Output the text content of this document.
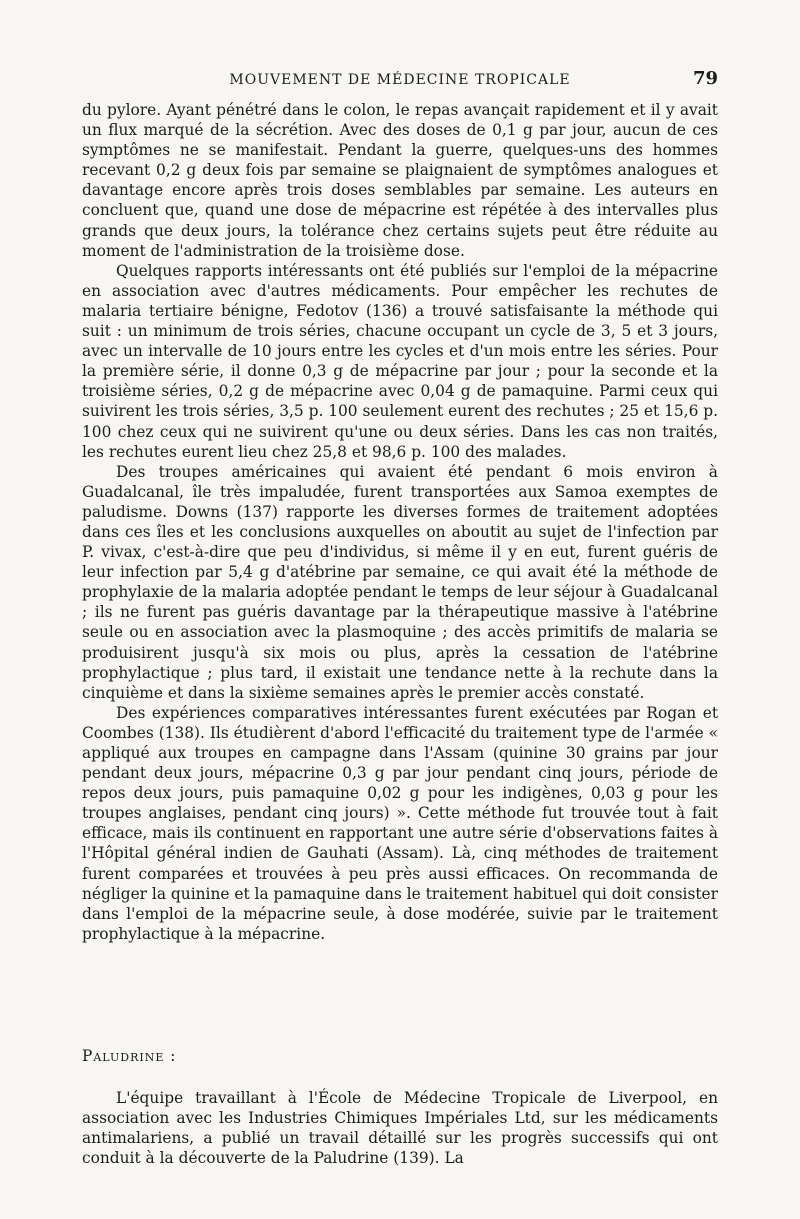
MOUVEMENT DE MÉDECINE TROPICALE	79

du pylore. Ayant pénétré dans le colon, le repas avançait rapidement et il y avait un flux marqué de la sécrétion. Avec des doses de 0,1 g par jour, aucun de ces symptômes ne se manifestait. Pendant la guerre, quelques-uns des hommes recevant 0,2 g deux fois par semaine se plaignaient de symptômes analogues et davantage encore après trois doses semblables par semaine. Les auteurs en concluent que, quand une dose de mépacrine est répétée à des intervalles plus grands que deux jours, la tolérance chez certains sujets peut être réduite au moment de l'administration de la troisième dose.

Quelques rapports intéressants ont été publiés sur l'emploi de la mépacrine en association avec d'autres médicaments. Pour empêcher les rechutes de malaria tertiaire bénigne, Fedotov (136) a trouvé satisfaisante la méthode qui suit : un minimum de trois séries, chacune occupant un cycle de 3, 5 et 3 jours, avec un intervalle de 10 jours entre les cycles et d'un mois entre les séries. Pour la première série, il donne 0,3 g de mépacrine par jour ; pour la seconde et la troisième séries, 0,2 g de mépacrine avec 0,04 g de pamaquine. Parmi ceux qui suivirent les trois séries, 3,5 p. 100 seulement eurent des rechutes ; 25 et 15,6 p. 100 chez ceux qui ne suivirent qu'une ou deux séries. Dans les cas non traités, les rechutes eurent lieu chez 25,8 et 98,6 p. 100 des malades.

Des troupes américaines qui avaient été pendant 6 mois environ à Guadalcanal, île très impaludée, furent transportées aux Samoa exemptes de paludisme. Downs (137) rapporte les diverses formes de traitement adoptées dans ces îles et les conclusions auxquelles on aboutit au sujet de l'infection par P. vivax, c'est-à-dire que peu d'individus, si même il y en eut, furent guéris de leur infection par 5,4 g d'atébrine par semaine, ce qui avait été la méthode de prophylaxie de la malaria adoptée pendant le temps de leur séjour à Guadalcanal ; ils ne furent pas guéris davantage par la thérapeutique massive à l'atébrine seule ou en association avec la plasmoquine ; des accès primitifs de malaria se produisirent jusqu'à six mois ou plus, après la cessation de l'atébrine prophylactique ; plus tard, il existait une tendance nette à la rechute dans la cinquième et dans la sixième semaines après le premier accès constaté.

Des expériences comparatives intéressantes furent exécutées par Rogan et Coombes (138). Ils étudièrent d'abord l'efficacité du traitement type de l'armée « appliqué aux troupes en campagne dans l'Assam (quinine 30 grains par jour pendant deux jours, mépacrine 0,3 g par jour pendant cinq jours, période de repos deux jours, puis pamaquine 0,02 g pour les indigènes, 0,03 g pour les troupes anglaises, pendant cinq jours) ». Cette méthode fut trouvée tout à fait efficace, mais ils continuent en rapportant une autre série d'observations faites à l'Hôpital général indien de Gauhati (Assam). Là, cinq méthodes de traitement furent comparées et trouvées à peu près aussi efficaces. On recommanda de négliger la quinine et la pamaquine dans le traitement habituel qui doit consister dans l'emploi de la mépacrine seule, à dose modérée, suivie par le traitement prophylactique à la mépacrine.

Paludrine :

L'équipe travaillant à l'École de Médecine Tropicale de Liverpool, en association avec les Industries Chimiques Impériales Ltd, sur les médicaments antimalariens, a publié un travail détaillé sur les progrès successifs qui ont conduit à la découverte de la Paludrine (139). La
